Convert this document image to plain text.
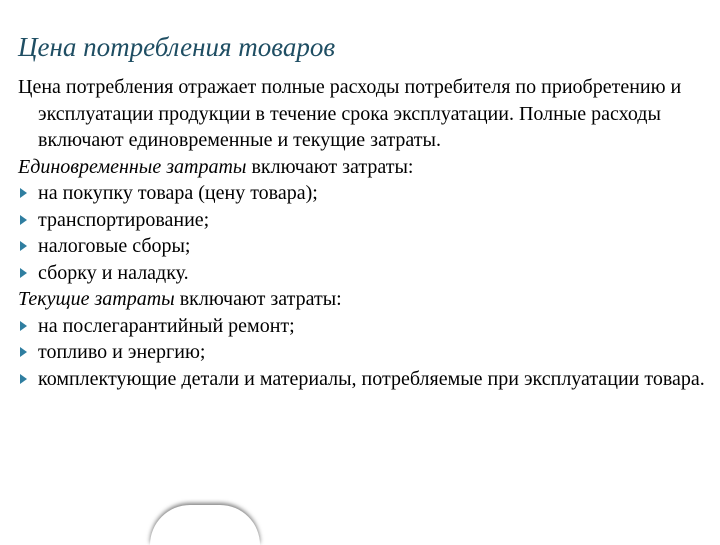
Цена потребления товаров

Цена потребления отражает полные расходы потребителя по приобретению и эксплуатации продукции в течение срока эксплуатации. Полные расходы включают единовременные и текущие затраты.

Единовременные затраты включают затраты:

на покупку товара (цену товара);
транспортирование;
налоговые сборы;
сборку и наладку.

Текущие затраты включают затраты:

на послегарантийный ремонт;
топливо и энергию;
комплектующие детали и материалы, потребляемые при эксплуатации товара.
